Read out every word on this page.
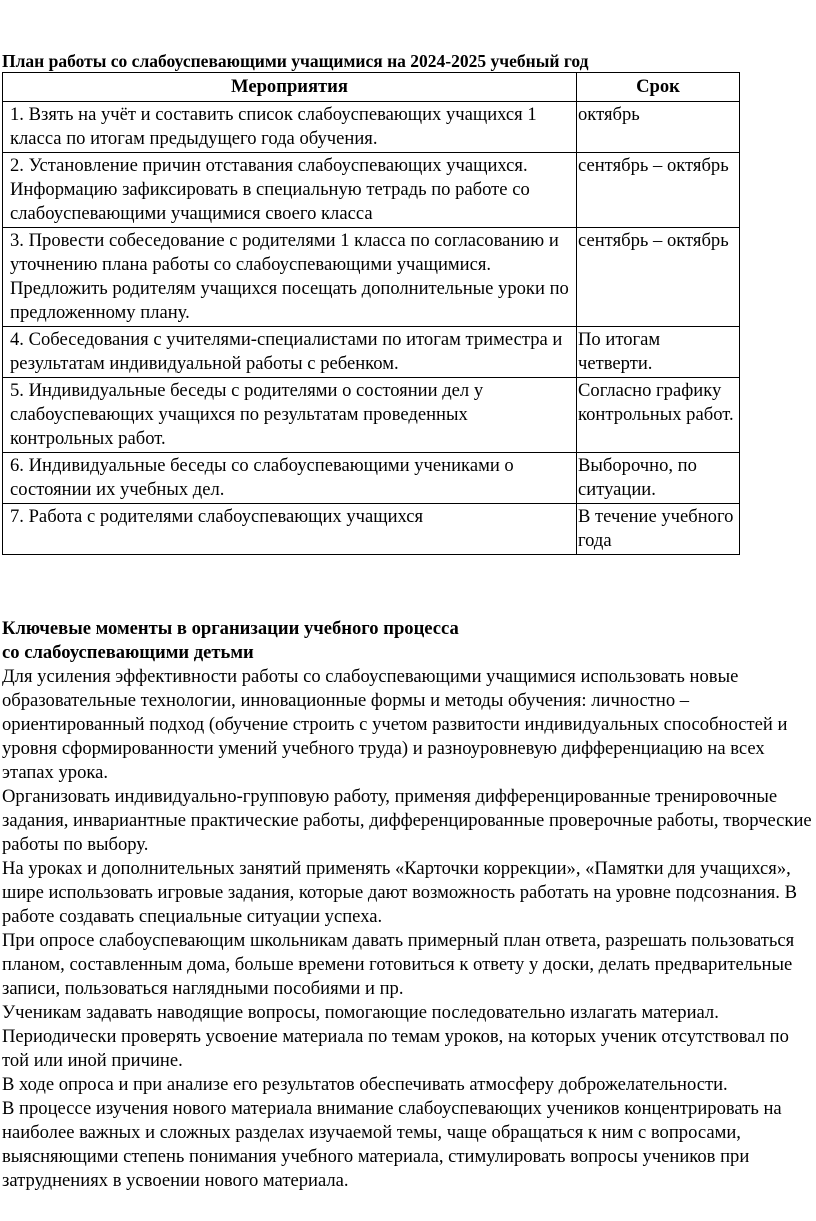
План работы со слабоуспевающими учащимися на 2024-2025 учебный год
Мероприятия	Срок
1. Взять на учёт и составить список слабоуспевающих учащихся 1 класса по итогам предыдущего года обучения.	октябрь
2. Установление причин отставания слабоуспевающих учащихся. Информацию зафиксировать в специальную тетрадь по работе со слабоуспевающими учащимися своего класса	сентябрь – октябрь
3. Провести собеседование с родителями 1 класса по согласованию и уточнению плана работы со слабоуспевающими учащимися. Предложить родителям учащихся посещать дополнительные уроки по предложенному плану.	сентябрь – октябрь
4. Собеседования с учителями-специалистами по итогам триместра и результатам индивидуальной работы с ребенком.	По итогам четверти.
5. Индивидуальные беседы с родителями о состоянии дел у слабоуспевающих учащихся по результатам проведенных контрольных работ.	Согласно графику контрольных работ.
6. Индивидуальные беседы со слабоуспевающими учениками о состоянии их учебных дел.	Выборочно, по ситуации.
7. Работа с родителями слабоуспевающих учащихся	В течение учебного года
Ключевые моменты в организации учебного процесса
со слабоуспевающими детьми

Для усиления эффективности работы со слабоуспевающими учащимися использовать новые образовательные технологии, инновационные формы и методы обучения: личностно – ориентированный подход (обучение строить с учетом развитости индивидуальных способностей и уровня сформированности умений учебного труда) и разноуровневую дифференциацию на всех этапах урока.

Организовать индивидуально-групповую работу, применяя дифференцированные тренировочные задания, инвариантные практические работы, дифференцированные проверочные работы, творческие работы по выбору.

На уроках и дополнительных занятий применять «Карточки коррекции», «Памятки для учащихся», шире использовать игровые задания, которые дают возможность работать на уровне подсознания. В работе создавать специальные ситуации успеха.

При опросе слабоуспевающим школьникам давать примерный план ответа, разрешать пользоваться планом, составленным дома, больше времени готовиться к ответу у доски, делать предварительные записи, пользоваться наглядными пособиями и пр.

Ученикам задавать наводящие вопросы, помогающие последовательно излагать материал.

Периодически проверять усвоение материала по темам уроков, на которых ученик отсутствовал по той или иной причине.

В ходе опроса и при анализе его результатов обеспечивать атмосферу доброжелательности.

В процессе изучения нового материала внимание слабоуспевающих учеников концентрировать на наиболее важных и сложных разделах изучаемой темы, чаще обращаться к ним с вопросами, выясняющими степень понимания учебного материала, стимулировать вопросы учеников при затруднениях в усвоении нового материала.
